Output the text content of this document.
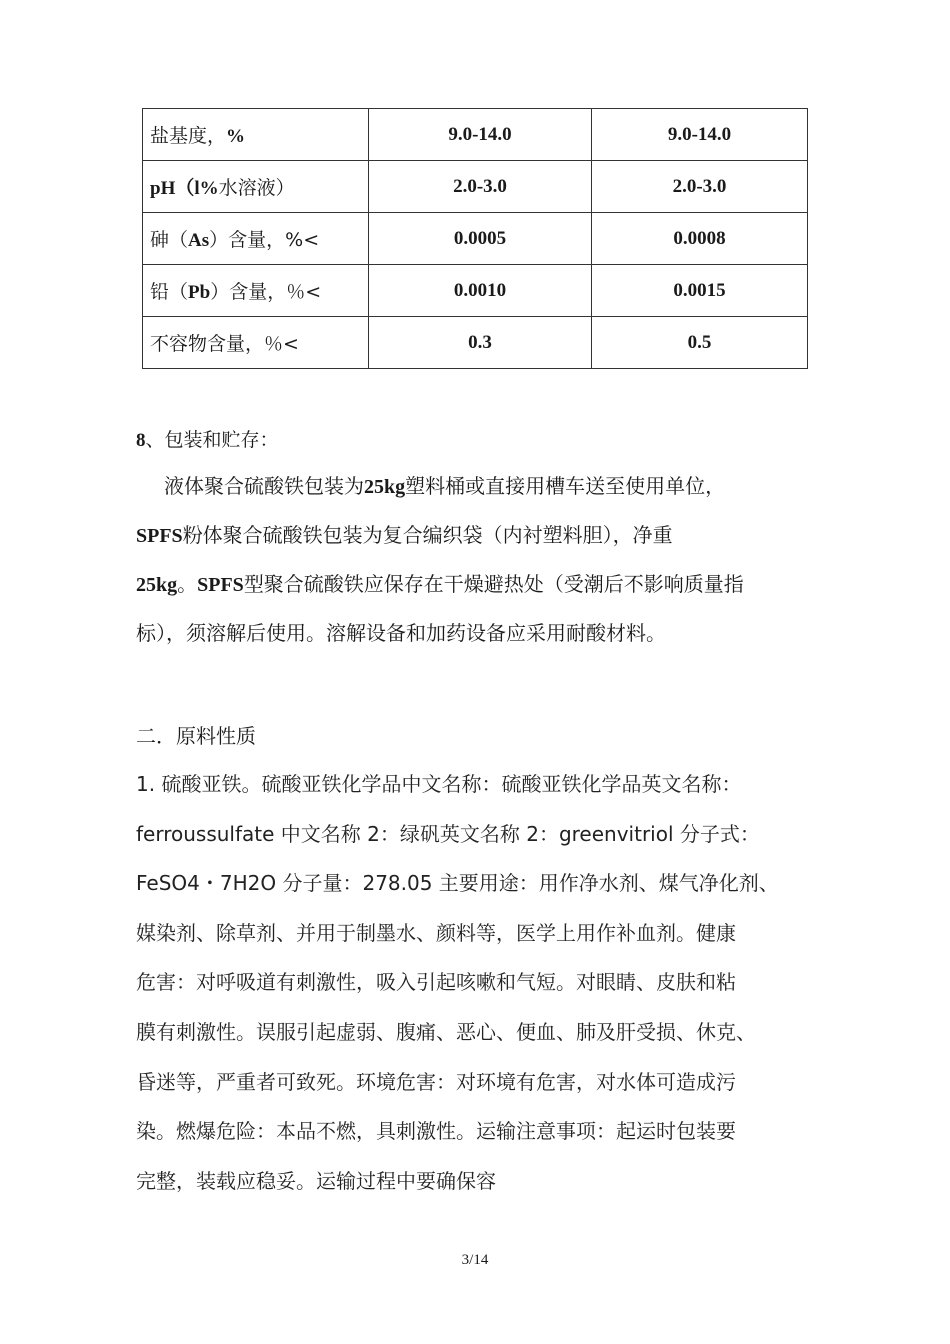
盐基度，%	9.0-14.0	9.0-14.0
pH（l%水溶液）	2.0-3.0	2.0-3.0
砷（As）含量，%<	0.0005	0.0008
铅（Pb）含量，％<	0.0010	0.0015
不容物含量，％<	0.3	0.5
8、包装和贮存：
液体聚合硫酸铁包装为25kg塑料桶或直接用槽车送至使用单位，
SPFS粉体聚合硫酸铁包装为复合编织袋（内衬塑料胆），净重
25kg。SPFS型聚合硫酸铁应保存在干燥避热处（受潮后不影响质量指
标），须溶解后使用。溶解设备和加药设备应采用耐酸材料。
二．原料性质
1. 硫酸亚铁。硫酸亚铁化学品中文名称：硫酸亚铁化学品英文名称：
ferroussulfate 中文名称 2：绿矾英文名称 2：greenvitriol 分子式：
FeSO4・7H2O 分子量：278.05 主要用途：用作净水剂、煤气净化剂、
媒染剂、除草剂、并用于制墨水、颜料等，医学上用作补血剂。健康
危害：对呼吸道有刺激性，吸入引起咳嗽和气短。对眼睛、皮肤和粘
膜有刺激性。误服引起虚弱、腹痛、恶心、便血、肺及肝受损、休克、
昏迷等，严重者可致死。环境危害：对环境有危害，对水体可造成污
染。燃爆危险：本品不燃，具刺激性。运输注意事项：起运时包装要
完整，装载应稳妥。运输过程中要确保容
3/14
